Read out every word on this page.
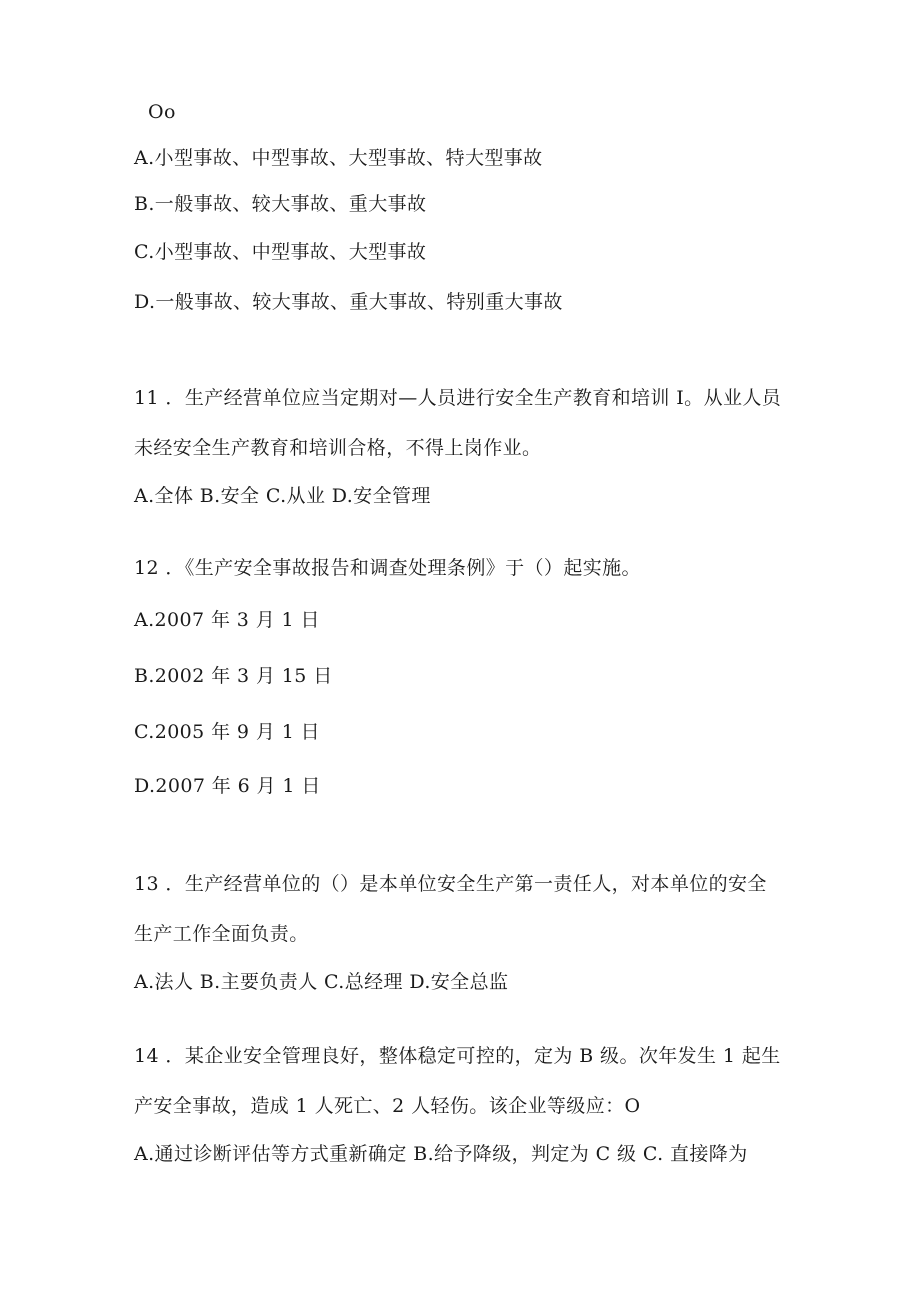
Oo
A.小型事故、中型事故、大型事故、特大型事故
B.一般事故、较大事故、重大事故
C.小型事故、中型事故、大型事故
D.一般事故、较大事故、重大事故、特别重大事故
11 ．生产经营单位应当定期对—人员进行安全生产教育和培训 I。从业人员
未经安全生产教育和培训合格，不得上岗作业。
A.全体 B.安全 C.从业 D.安全管理
12 ．《生产安全事故报告和调查处理条例》于（）起实施。
A.2007 年 3 月 1 日
B.2002 年 3 月 15 日
C.2005 年 9 月 1 日
D.2007 年 6 月 1 日
13 ．生产经营单位的（）是本单位安全生产第一责任人，对本单位的安全
生产工作全面负责。
A.法人 B.主要负责人 C.总经理 D.安全总监
14 ．某企业安全管理良好，整体稳定可控的，定为 B 级。次年发生 1 起生
产安全事故，造成 1 人死亡、2 人轻伤。该企业等级应：O
A.通过诊断评估等方式重新确定 B.给予降级，判定为 C 级 C. 直接降为
